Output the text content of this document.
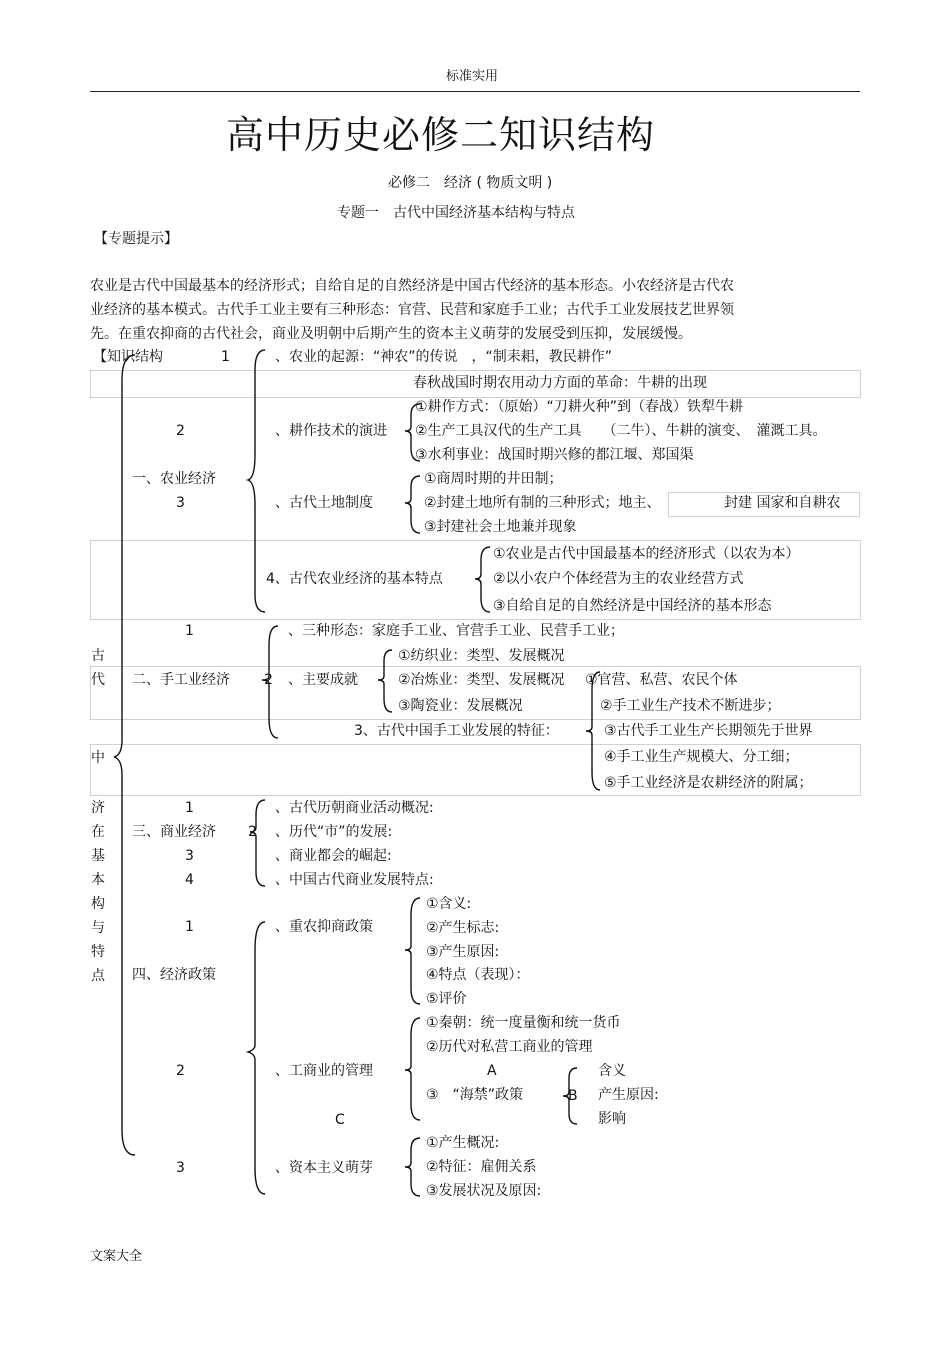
标准实用
高中历史必修二知识结构
必修二　经济 ( 物质文明 )
专题一　古代中国经济基本结构与特点
【专题提示】
农业是古代中国最基本的经济形式；自给自足的自然经济是中国古代经济的基本形态。小农经济是古代农
业经济的基本模式。古代手工业主要有三种形态：官营、民营和家庭手工业；古代手工业发展技艺世界领
先。在重农抑商的古代社会，商业及明朝中后期产生的资本主义萌芽的发展受到压抑，发展缓慢。
【知识结构
古
代
中
济
在
基
本
构
与
特
点
一、农业经济
1	、农业的起源：“神农”的传说　，“制耒耜，教民耕作”
春秋战国时期农用动力方面的革命：牛耕的出现
2	、耕作技术的演进
①耕作方式：（原始）“刀耕火种”到（春战）铁犁牛耕
②生产工具汉代的生产工具　　（二牛）、牛耕的演变、　灌溉工具。
③水利事业：战国时期兴修的都江堰、郑国渠
3	、古代土地制度
①商周时期的井田制；
②封建土地所有制的三种形式；地主、	封建 国家和自耕农
③封建社会土地兼并现象
4、古代农业经济的基本特点
①农业是古代中国最基本的经济形式（以农为本）
②以小农户个体经营为主的农业经营方式
③自给自足的自然经济是中国经济的基本形态
二、手工业经济
1	、三种形态：家庭手工业、官营手工业、民营手工业；
2 、主要成就
①纺织业：类型、发展概况
②冶炼业：类型、发展概况
③陶瓷业：发展概况
3、古代中国手工业发展的特征：
①官营、私营、农民个体
②手工业生产技术不断进步；
③古代手工业生产长期领先于世界
④手工业生产规模大、分工细；
⑤手工业经济是农耕经济的附属；
三、商业经济
1
2
3
4
、古代历朝商业活动概况:
、历代“市”的发展:
、商业都会的崛起:
、中国古代商业发展特点:
四、经济政策
1	、重农抑商政策
①含义:
②产生标志:
③产生原因:
④特点（表现）：
⑤评价
2	、工商业的管理
①秦朝：统一度量衡和统一货币
②历代对私营工商业的管理
A
③　“海禁”政策	B
含义
产生原因:
影响
C
3	、资本主义萌芽
①产生概况:
②特征：雇佣关系
③发展状况及原因:
文案大全
